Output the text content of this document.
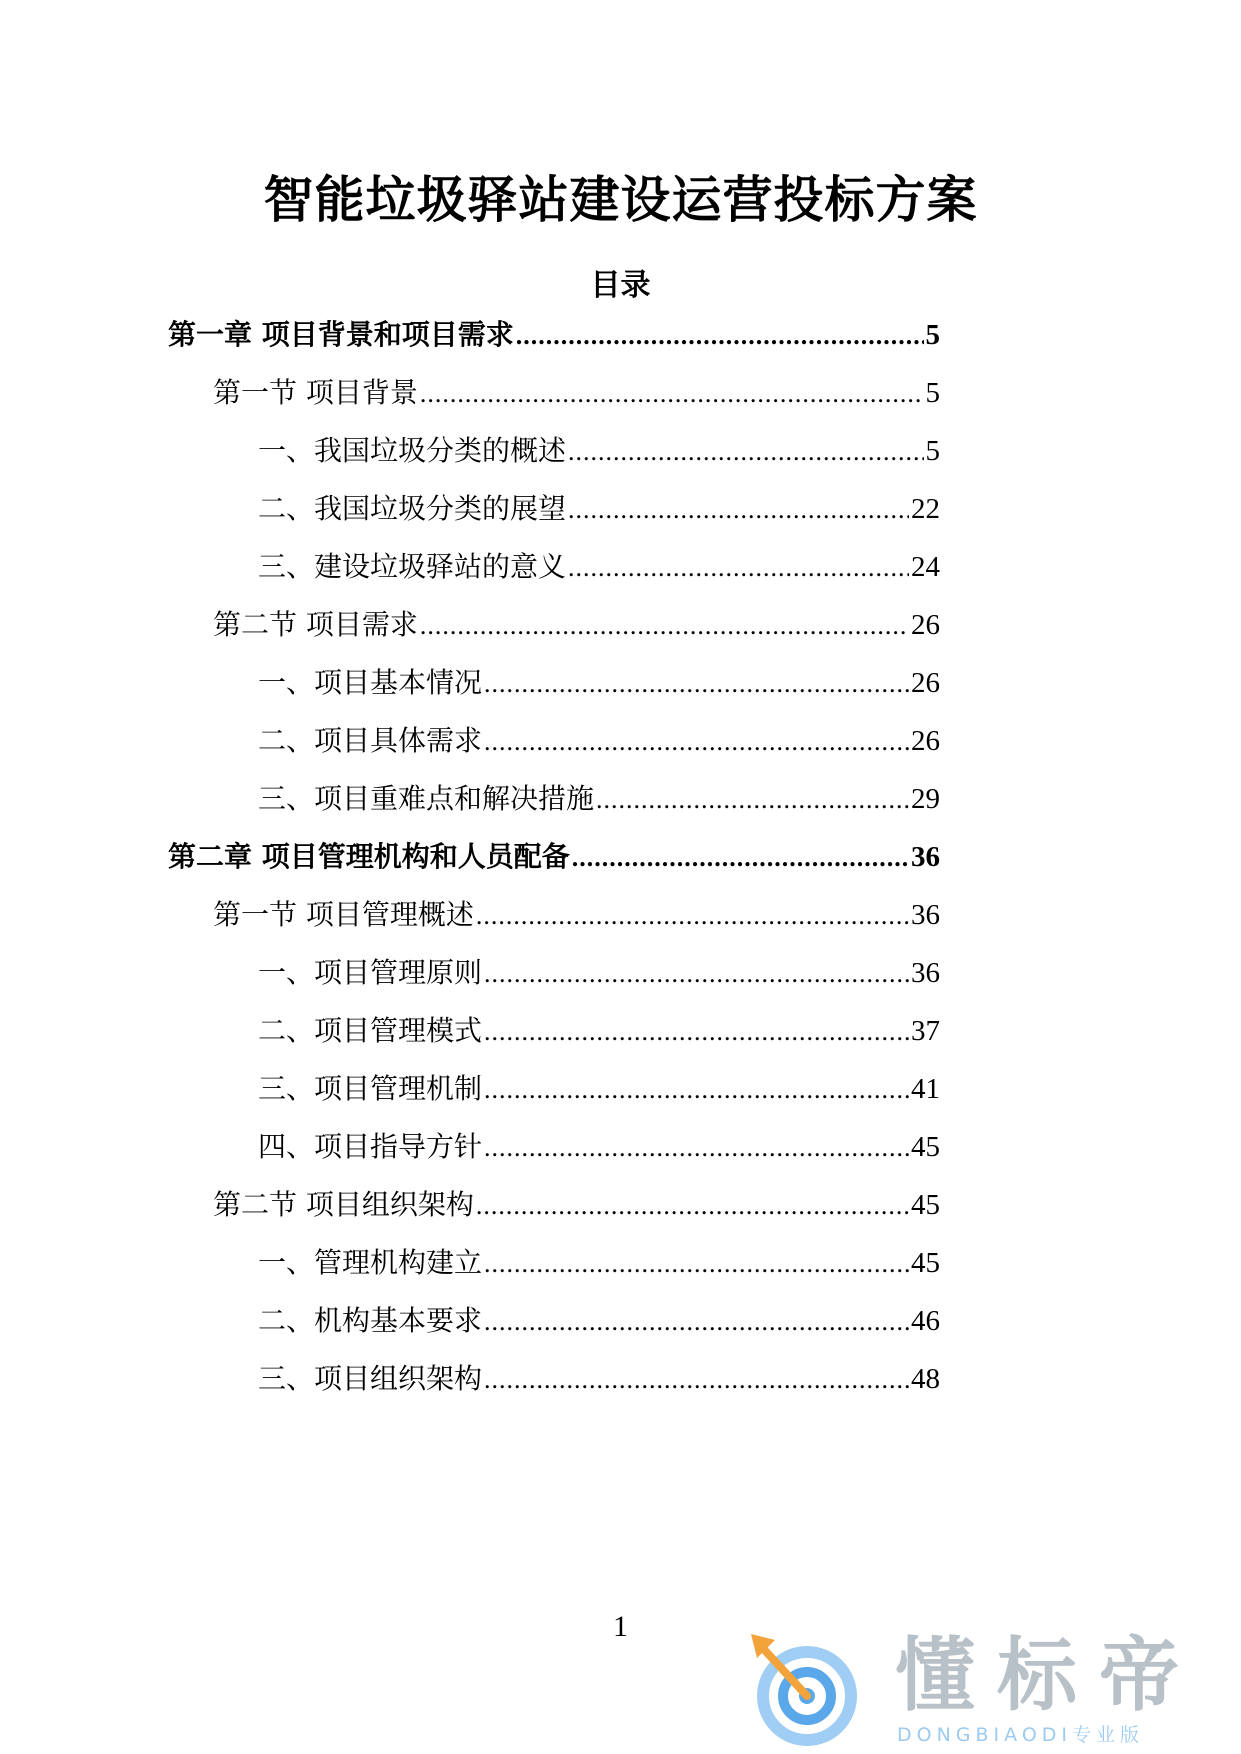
智能垃圾驿站建设运营投标方案
目录
第一章 项目背景和项目需求 .....	5
第一节 项目背景 .....	5
一、我国垃圾分类的概述 .....	5
二、我国垃圾分类的展望 .....	22
三、建设垃圾驿站的意义 .....	24
第二节 项目需求 .....	26
一、项目基本情况 .....	26
二、项目具体需求 .....	26
三、项目重难点和解决措施 .....	29
第二章 项目管理机构和人员配备 .....	36
第一节 项目管理概述 .....	36
一、项目管理原则 .....	36
二、项目管理模式 .....	37
三、项目管理机制 .....	41
四、项目指导方针 .....	45
第二节 项目组织架构 .....	45
一、管理机构建立 .....	45
二、机构基本要求 .....	46
三、项目组织架构 .....	48
1
懂标帝
DONGBIAODI专业版
